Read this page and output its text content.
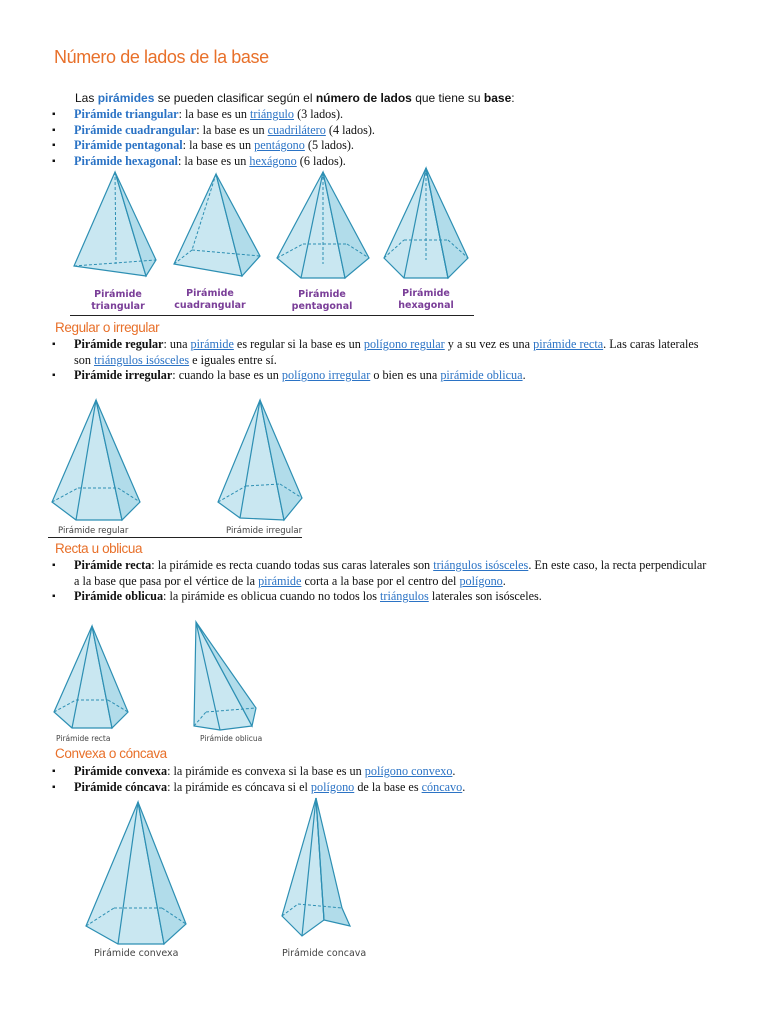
Número de lados de la base
Las pirámides se pueden clasificar según el número de lados que tiene su base:
▪ Pirámide triangular: la base es un triángulo (3 lados).
▪ Pirámide cuadrangular: la base es un cuadrilátero (4 lados).
▪ Pirámide pentagonal: la base es un pentágono (5 lados).
▪ Pirámide hexagonal: la base es un hexágono (6 lados).
Pirámide
triangular
Pirámide
cuadrangular
Pirámide
pentagonal
Pirámide
hexagonal
Regular o irregular
▪ Pirámide regular: una pirámide es regular si la base es un polígono regular y a su vez es una pirámide recta. Las caras laterales son triángulos isósceles e iguales entre sí.
▪ Pirámide irregular: cuando la base es un polígono irregular o bien es una pirámide oblicua.
Pirámide regular	Pirámide irregular
Recta u oblicua
▪ Pirámide recta: la pirámide es recta cuando todas sus caras laterales son triángulos isósceles. En este caso, la recta perpendicular a la base que pasa por el vértice de la pirámide corta a la base por el centro del polígono.
▪ Pirámide oblicua: la pirámide es oblicua cuando no todos los triángulos laterales son isósceles.
Pirámide recta	Pirámide oblicua
Convexa o cóncava
▪ Pirámide convexa: la pirámide es convexa si la base es un polígono convexo.
▪ Pirámide cóncava: la pirámide es cóncava si el polígono de la base es cóncavo.
Pirámide convexa	Pirámide concava
